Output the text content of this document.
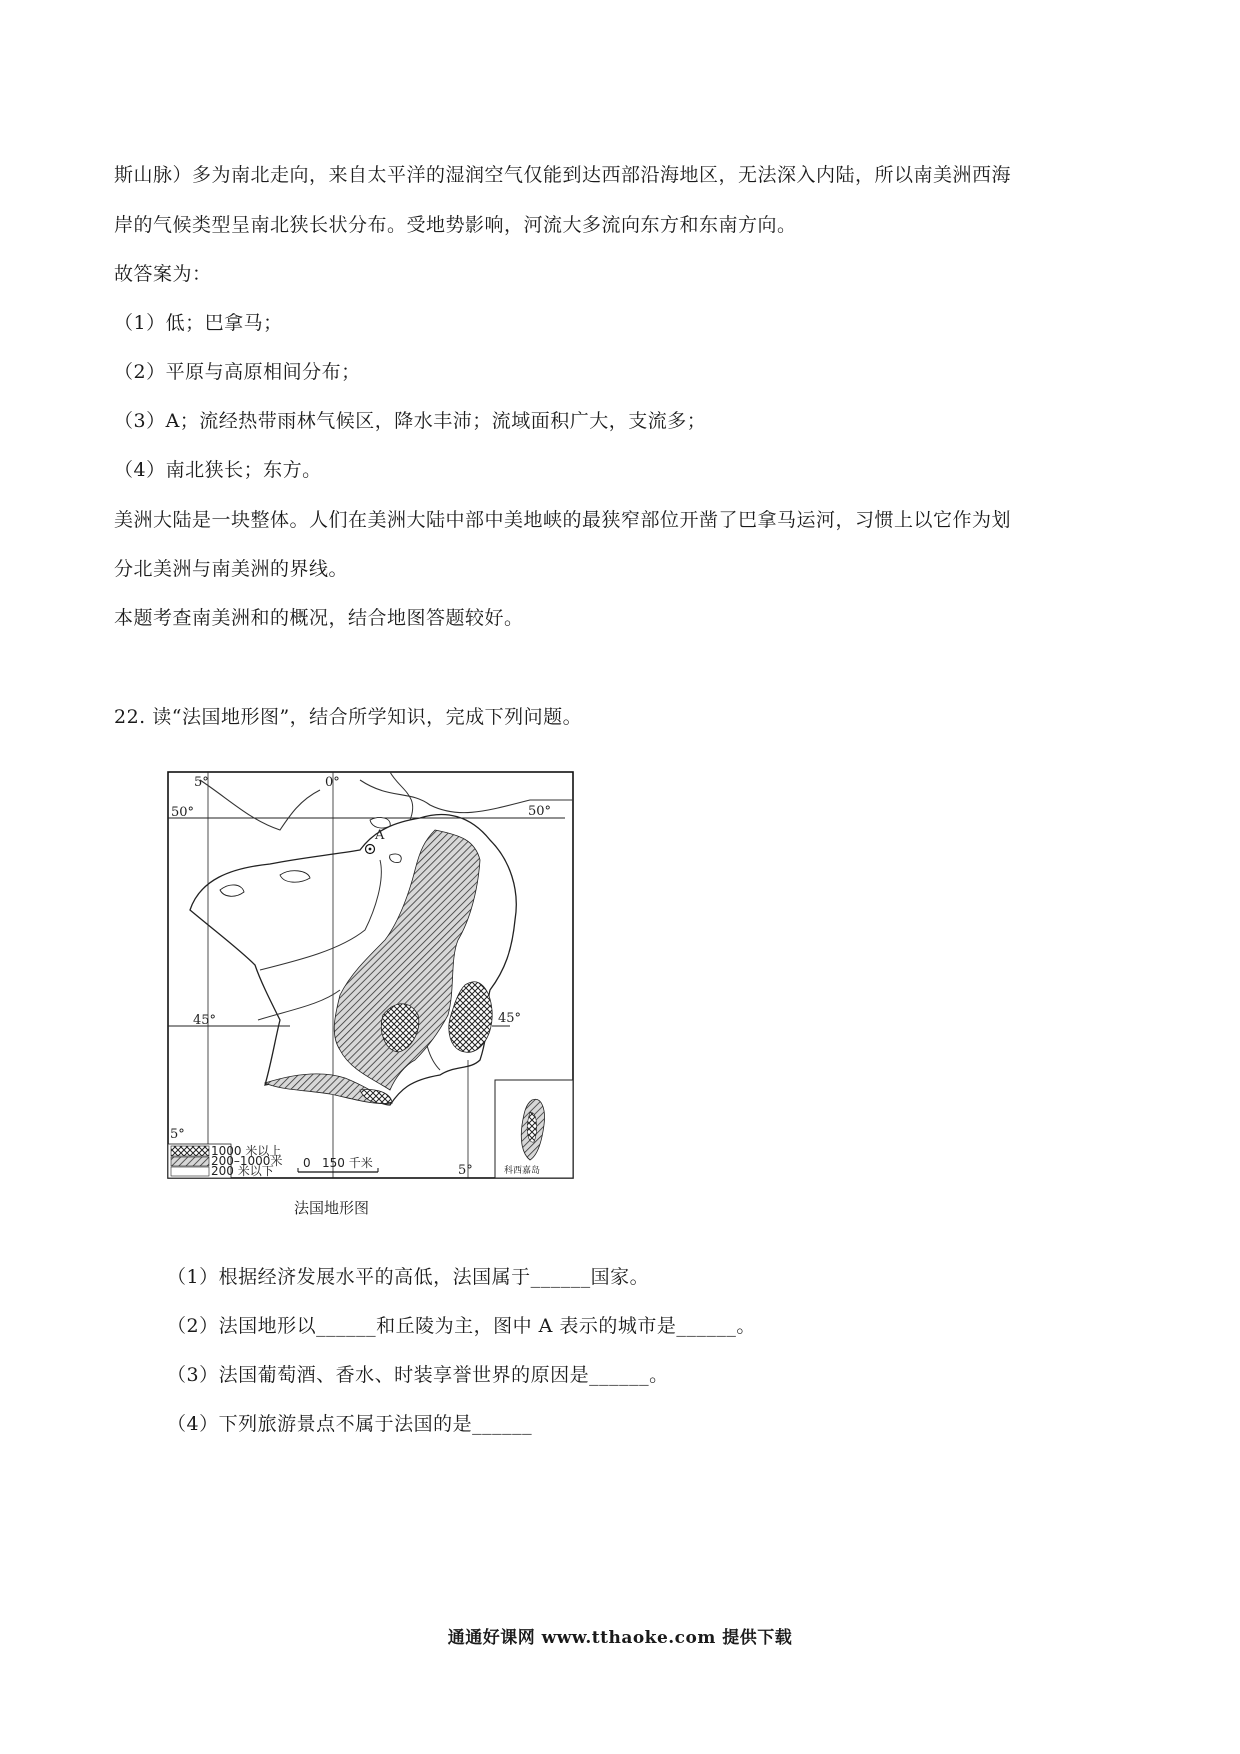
斯山脉）多为南北走向，来自太平洋的湿润空气仅能到达西部沿海地区，无法深入内陆，所以南美洲西海
岸的气候类型呈南北狭长状分布。受地势影响，河流大多流向东方和东南方向。
故答案为：
（1）低；巴拿马；
（2）平原与高原相间分布；
（3）A；流经热带雨林气候区，降水丰沛；流域面积广大，支流多；
（4）南北狭长；东方。
美洲大陆是一块整体。人们在美洲大陆中部中美地峡的最狭窄部位开凿了巴拿马运河，习惯上以它作为划
分北美洲与南美洲的界线。
本题考查南美洲和的概况，结合地图答题较好。
22. 读“法国地形图”，结合所学知识，完成下列问题。
A
5°	0°
50°	50°
45°	45°
5°
5°
1000 米以上
200–1000米
200 米以下
0 150 千米
科西嘉岛
法国地形图
（1）根据经济发展水平的高低，法国属于______国家。
（2）法国地形以______和丘陵为主，图中 A 表示的城市是______。
（3）法国葡萄酒、香水、时装享誉世界的原因是______。
（4）下列旅游景点不属于法国的是______
通通好课网 www.tthaoke.com 提供下载
